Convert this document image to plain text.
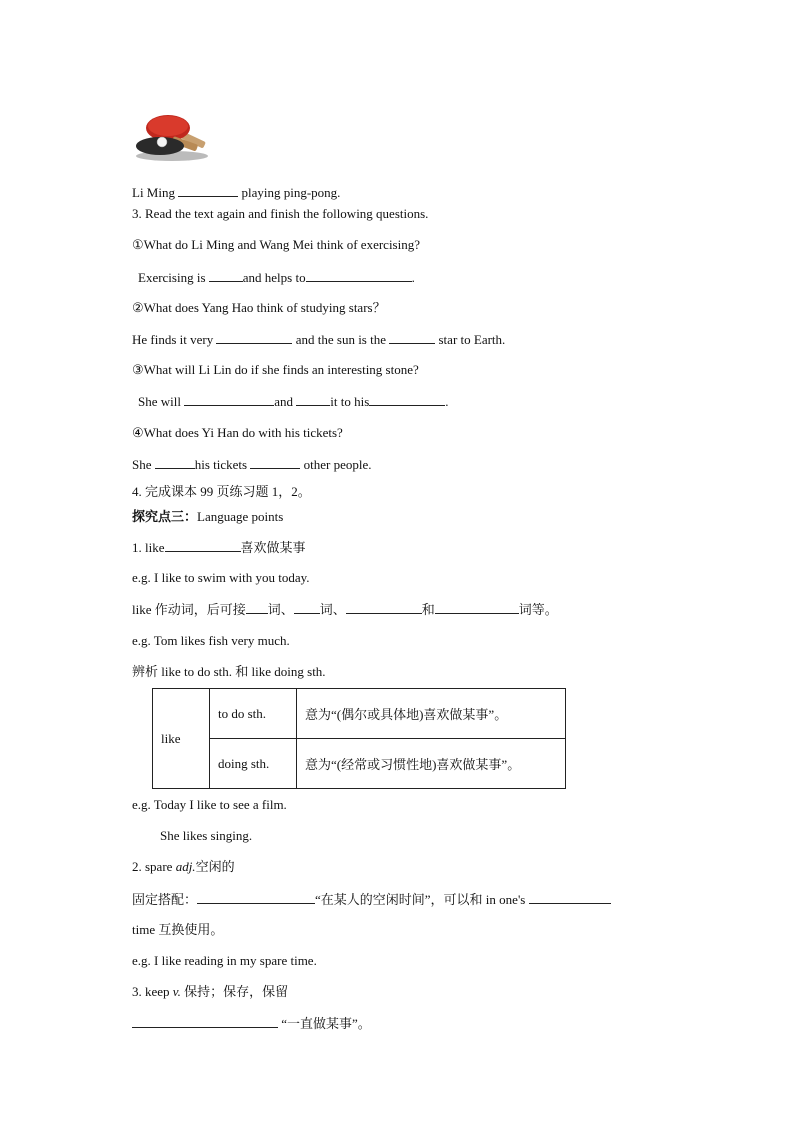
Li Ming	playing ping-pong.
3. Read the text again and finish the following questions.
①What do Li Ming and Wang Mei think of exercising?
Exercising is	and helps to	.
②What does Yang Hao think of studying stars？
He finds it very	and the sun is the	star to Earth.
③What will Li Lin do if she finds an interesting stone?
She will	and	it to his	.
④What does Yi Han do with his tickets?
She	his tickets	other people.
4. 完成课本 99 页练习题 1，2。
探究点三：Language points
1. like	喜欢做某事
e.g. I like to swim with you today.
like 作动词，后可接 词、 词、	和	词等。
e.g. Tom likes fish very much.
辨析 like to do sth. 和 like doing sth.
like	to do sth.	意为“(偶尔或具体地)喜欢做某事”。
	doing sth.	意为“(经常或习惯性地)喜欢做某事”。
e.g. Today I like to see a film.
She likes singing.
2. spare adj.空闲的
固定搭配：	“在某人的空闲时间”，可以和 in one's
time 互换使用。
e.g. I like reading in my spare time.
3. keep v. 保持；保存，保留
“一直做某事”。
